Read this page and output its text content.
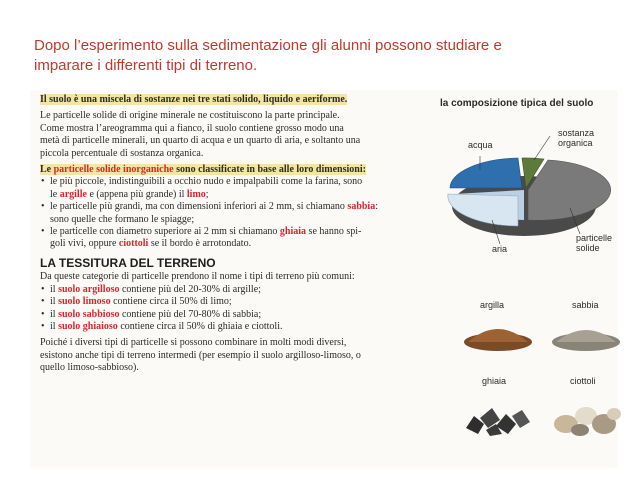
Dopo l’esperimento sulla sedimentazione gli alunni possono studiare e
imparare i differenti tipi di terreno.

Il suolo è una miscela di sostanze nei tre stati solido, liquido e aeriforme.

Le particelle solide di origine minerale ne costituiscono la parte principale.

Come mostra l’areogramma qui a fianco, il suolo contiene grosso modo una

metà di particelle minerali, un quarto di acqua e un quarto di aria, e soltanto una

piccola percentuale di sostanza organica.

Le particelle solide inorganiche sono classificate in base alle loro dimensioni:

• le più piccole, indistinguibili a occhio nudo e impalpabili come la farina, sono
le argille e (appena più grande) il limo;
• le particelle più grandi, ma con dimensioni inferiori ai 2 mm, si chiamano sabbia:
sono quelle che formano le spiagge;
• le particelle con diametro superiore ai 2 mm si chiamano ghiaia se hanno spi-
goli vivi, oppure ciottoli se il bordo è arrotondato.
LA TESSITURA DEL TERRENO

Da queste categorie di particelle prendono il nome i tipi di terreno più comuni:

• il suolo argilloso contiene più del 20-30% di argille;
• il suolo limoso contiene circa il 50% di limo;
• il suolo sabbioso contiene più del 70-80% di sabbia;
• il suolo ghiaioso contiene circa il 50% di ghiaia e ciottoli.

Poiché i diversi tipi di particelle si possono combinare in molti modi diversi,

esistono anche tipi di terreno intermedi (per esempio il suolo argilloso-limoso, o

quello limoso-sabbioso).

la composizione tipica del suolo
acqua
sostanza
organica
aria
particelle
solide
argilla	sabbia
ghiaia	ciottoli
